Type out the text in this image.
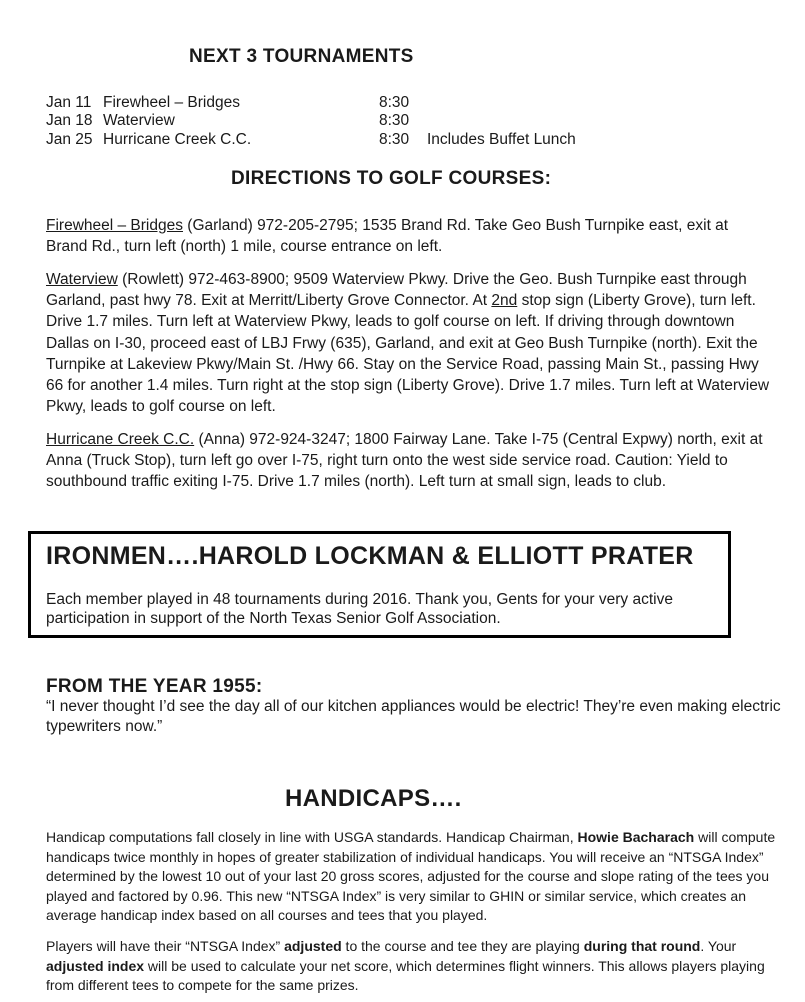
NEXT 3 TOURNAMENTS
Jan 11 Firewheel – Bridges	8:30
Jan 18 Waterview	8:30
Jan 25 Hurricane Creek C.C.	8:30 Includes Buffet Lunch
DIRECTIONS TO GOLF COURSES:
Firewheel – Bridges (Garland) 972-205-2795; 1535 Brand Rd. Take Geo Bush Turnpike east, exit at Brand Rd., turn left (north) 1 mile, course entrance on left.
Waterview (Rowlett) 972-463-8900; 9509 Waterview Pkwy. Drive the Geo. Bush Turnpike east through Garland, past hwy 78. Exit at Merritt/Liberty Grove Connector. At 2nd stop sign (Liberty Grove), turn left. Drive 1.7 miles. Turn left at Waterview Pkwy, leads to golf course on left. If driving through downtown Dallas on I-30, proceed east of LBJ Frwy (635), Garland, and exit at Geo Bush Turnpike (north). Exit the Turnpike at Lakeview Pkwy/Main St. /Hwy 66. Stay on the Service Road, passing Main St., passing Hwy 66 for another 1.4 miles. Turn right at the stop sign (Liberty Grove). Drive 1.7 miles. Turn left at Waterview Pkwy, leads to golf course on left.
Hurricane Creek C.C. (Anna) 972-924-3247; 1800 Fairway Lane. Take I-75 (Central Expwy) north, exit at Anna (Truck Stop), turn left go over I-75, right turn onto the west side service road. Caution: Yield to southbound traffic exiting I-75. Drive 1.7 miles (north). Left turn at small sign, leads to club.
IRONMEN….HAROLD LOCKMAN & ELLIOTT PRATER
Each member played in 48 tournaments during 2016. Thank you, Gents for your very active participation in support of the North Texas Senior Golf Association.
FROM THE YEAR 1955:
“I never thought I’d see the day all of our kitchen appliances would be electric! They’re even making electric typewriters now.”
HANDICAPS….
Handicap computations fall closely in line with USGA standards. Handicap Chairman, Howie Bacharach will compute handicaps twice monthly in hopes of greater stabilization of individual handicaps. You will receive an “NTSGA Index” determined by the lowest 10 out of your last 20 gross scores, adjusted for the course and slope rating of the tees you played and factored by 0.96. This new “NTSGA Index” is very similar to GHIN or similar service, which creates an average handicap index based on all courses and tees that you played.
Players will have their “NTSGA Index” adjusted to the course and tee they are playing during that round. Your adjusted index will be used to calculate your net score, which determines flight winners. This allows players playing from different tees to compete for the same prizes.
